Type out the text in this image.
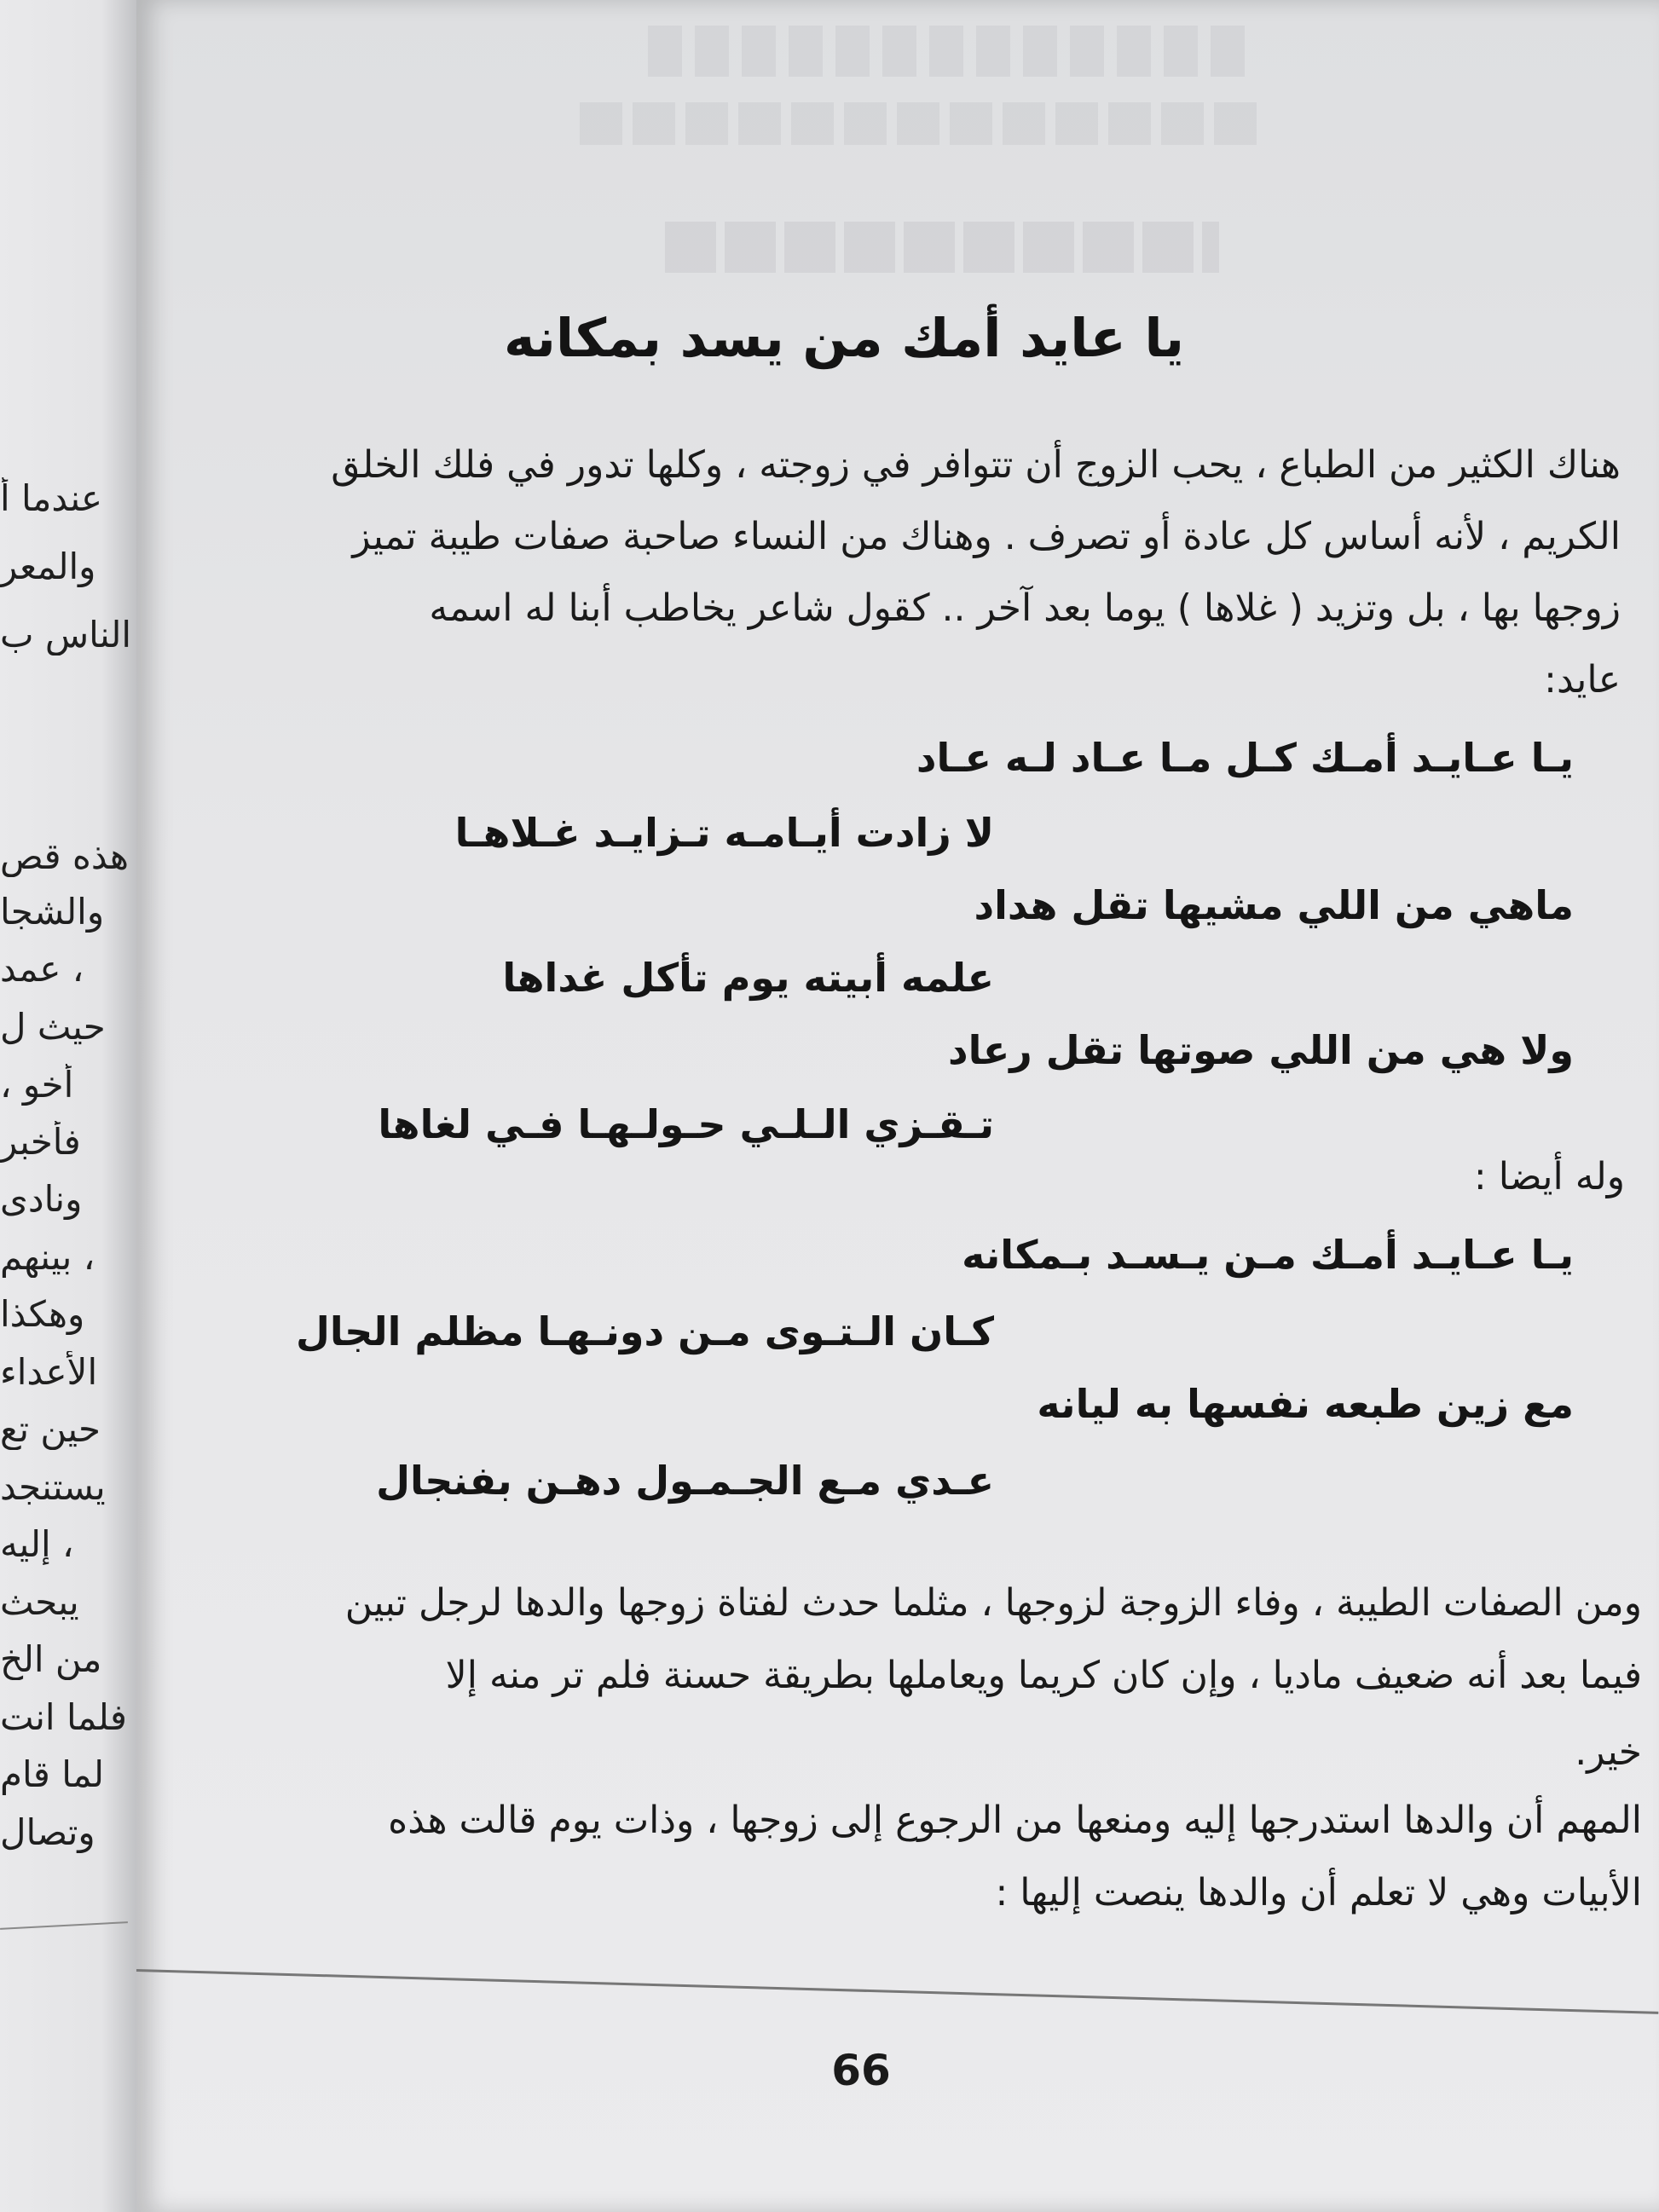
عندما أ
والمعر
الناس ب
هذه قص
والشجا
عمد ،
حيث ل
، أخو
فأخبر
ونادى
بينهم ،
وهكذا
الأعداء
حين تع
يستنجد
إليه ،
يبحث
من الخ
فلما انت
لما قام
وتصال
يا عايد أمك من يسد بمكانه

هناك الكثير من الطباع ، يحب الزوج أن تتوافر في زوجته ، وكلها تدور في فلك الخلق

الكريم ، لأنه أساس كل عادة أو تصرف . وهناك من النساء صاحبة صفات طيبة تميز

زوجها بها ، بل وتزيد ( غلاها ) يوما بعد آخر .. كقول شاعر يخاطب أبنا له اسمه

عايد:

يـا عـايـد أمـك كـل مـا عـاد لـه عـاد

لا زادت أيـامـه تـزايـد غـلاهـا

ماهي من اللي مشيها تقل هداد

علمه أبيته يوم تأكل غداها

ولا هي من اللي صوتها تقل رعاد

تـقـزي الـلـي حـولـهـا فـي لغاها

وله أيضا :

يـا عـايـد أمـك مـن يـسـد بـمكانه

كـان الـتـوى مـن دونـهـا مظلم الجال

مع زين طبعه نفسها به ليانه

عـدي مـع الجـمـول دهـن بفنجال

ومن الصفات الطيبة ، وفاء الزوجة لزوجها ، مثلما حدث لفتاة زوجها والدها لرجل تبين

فيما بعد أنه ضعيف ماديا ، وإن كان كريما ويعاملها بطريقة حسنة فلم تر منه إلا

خير.

المهم أن والدها استدرجها إليه ومنعها من الرجوع إلى زوجها ، وذات يوم قالت هذه

الأبيات وهي لا تعلم أن والدها ينصت إليها :

66
